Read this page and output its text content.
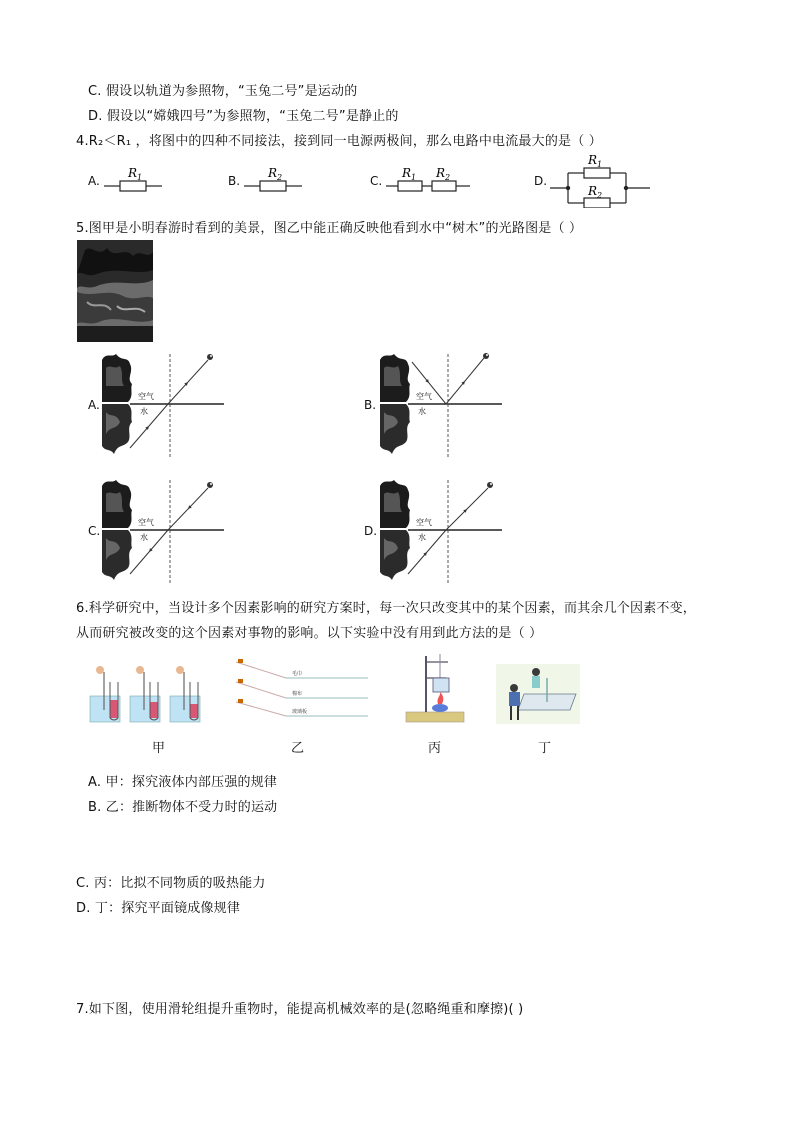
C. 假设以轨道为参照物，“玉兔二号”是运动的
D. 假设以“嫦娥四号”为参照物，“玉兔二号”是静止的
4.R₂＜R₁ ，将图中的四种不同接法，接到同一电源两极间，那么电路中电流最大的是（ ）
A.
$R_1$	B.
$R_2$	C.
$R_1$ $R_2$	D.
$R_1$
$R_2$
5.图甲是小明春游时看到的美景，图乙中能正确反映他看到水中“树木”的光路图是（ ）
A.	B.
C.	D.
空气
水
空气
水
空气
水
空气
水
6.科学研究中，当设计多个因素影响的研究方案时，每一次只改变其中的某个因素，而其余几个因素不变，
从而研究被改变的这个因素对事物的影响。以下实验中没有用到此方法的是（ ）
毛巾
棉布
玻璃板
甲	乙	丙	丁
A. 甲：探究液体内部压强的规律
B. 乙：推断物体不受力时的运动
C. 丙：比拟不同物质的吸热能力
D. 丁：探究平面镜成像规律
7.如下图，使用滑轮组提升重物时，能提高机械效率的是(忽略绳重和摩擦)( )
